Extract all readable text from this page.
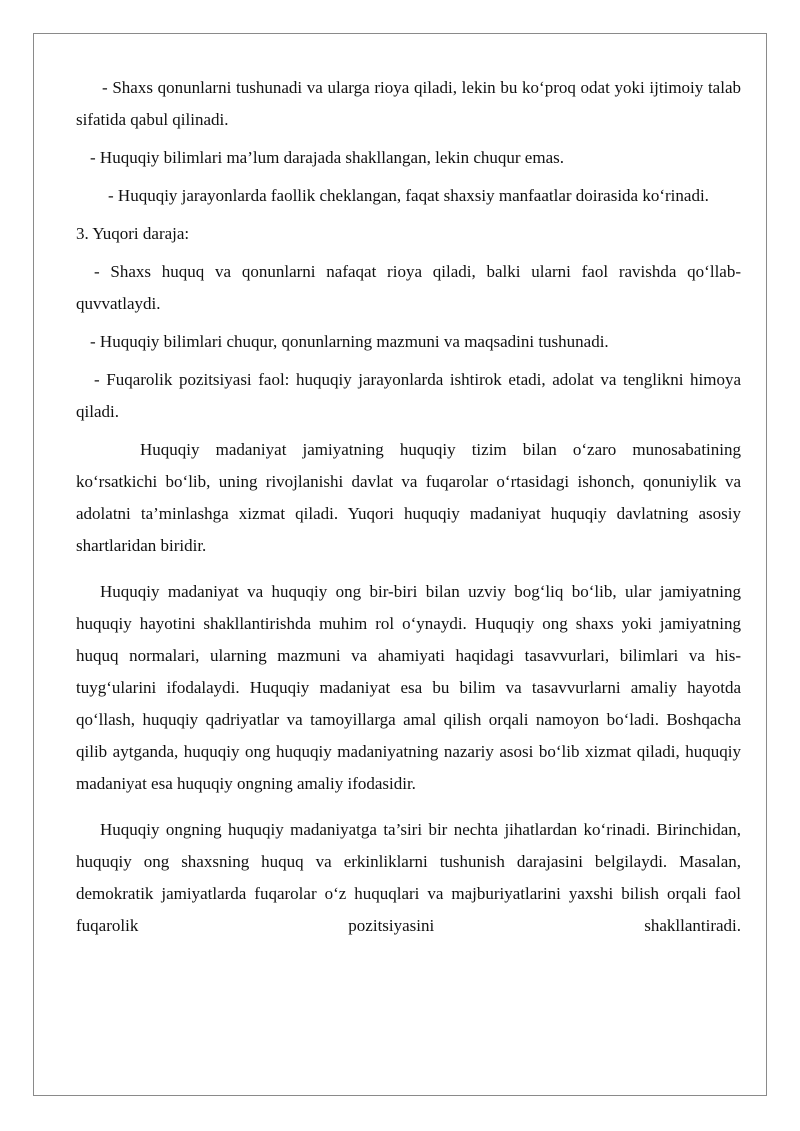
- Shaxs qonunlarni tushunadi va ularga rioya qiladi, lekin bu ko‘proq odat yoki ijtimoiy talab sifatida qabul qilinadi.

- Huquqiy bilimlari ma’lum darajada shakllangan, lekin chuqur emas.

- Huquqiy jarayonlarda faollik cheklangan, faqat shaxsiy manfaatlar doirasida ko‘rinadi.

3. Yuqori daraja:

- Shaxs huquq va qonunlarni nafaqat rioya qiladi, balki ularni faol ravishda qo‘llab-quvvatlaydi.

- Huquqiy bilimlari chuqur, qonunlarning mazmuni va maqsadini tushunadi.

- Fuqarolik pozitsiyasi faol: huquqiy jarayonlarda ishtirok etadi, adolat va tenglikni himoya qiladi.

Huquqiy madaniyat jamiyatning huquqiy tizim bilan o‘zaro munosabatining ko‘rsatkichi bo‘lib, uning rivojlanishi davlat va fuqarolar o‘rtasidagi ishonch, qonuniylik va adolatni ta’minlashga xizmat qiladi. Yuqori huquqiy madaniyat huquqiy davlatning asosiy shartlaridan biridir.

Huquqiy madaniyat va huquqiy ong bir-biri bilan uzviy bog‘liq bo‘lib, ular jamiyatning huquqiy hayotini shakllantirishda muhim rol o‘ynaydi. Huquqiy ong shaxs yoki jamiyatning huquq normalari, ularning mazmuni va ahamiyati haqidagi tasavvurlari, bilimlari va his-tuyg‘ularini ifodalaydi. Huquqiy madaniyat esa bu bilim va tasavvurlarni amaliy hayotda qo‘llash, huquqiy qadriyatlar va tamoyillarga amal qilish orqali namoyon bo‘ladi. Boshqacha qilib aytganda, huquqiy ong huquqiy madaniyatning nazariy asosi bo‘lib xizmat qiladi, huquqiy madaniyat esa huquqiy ongning amaliy ifodasidir.

Huquqiy ongning huquqiy madaniyatga ta’siri bir nechta jihatlardan ko‘rinadi. Birinchidan, huquqiy ong shaxsning huquq va erkinliklarni tushunish darajasini belgilaydi. Masalan, demokratik jamiyatlarda fuqarolar o‘z huquqlari va majburiyatlarini yaxshi bilish orqali faol fuqarolik pozitsiyasini shakllantiradi.
